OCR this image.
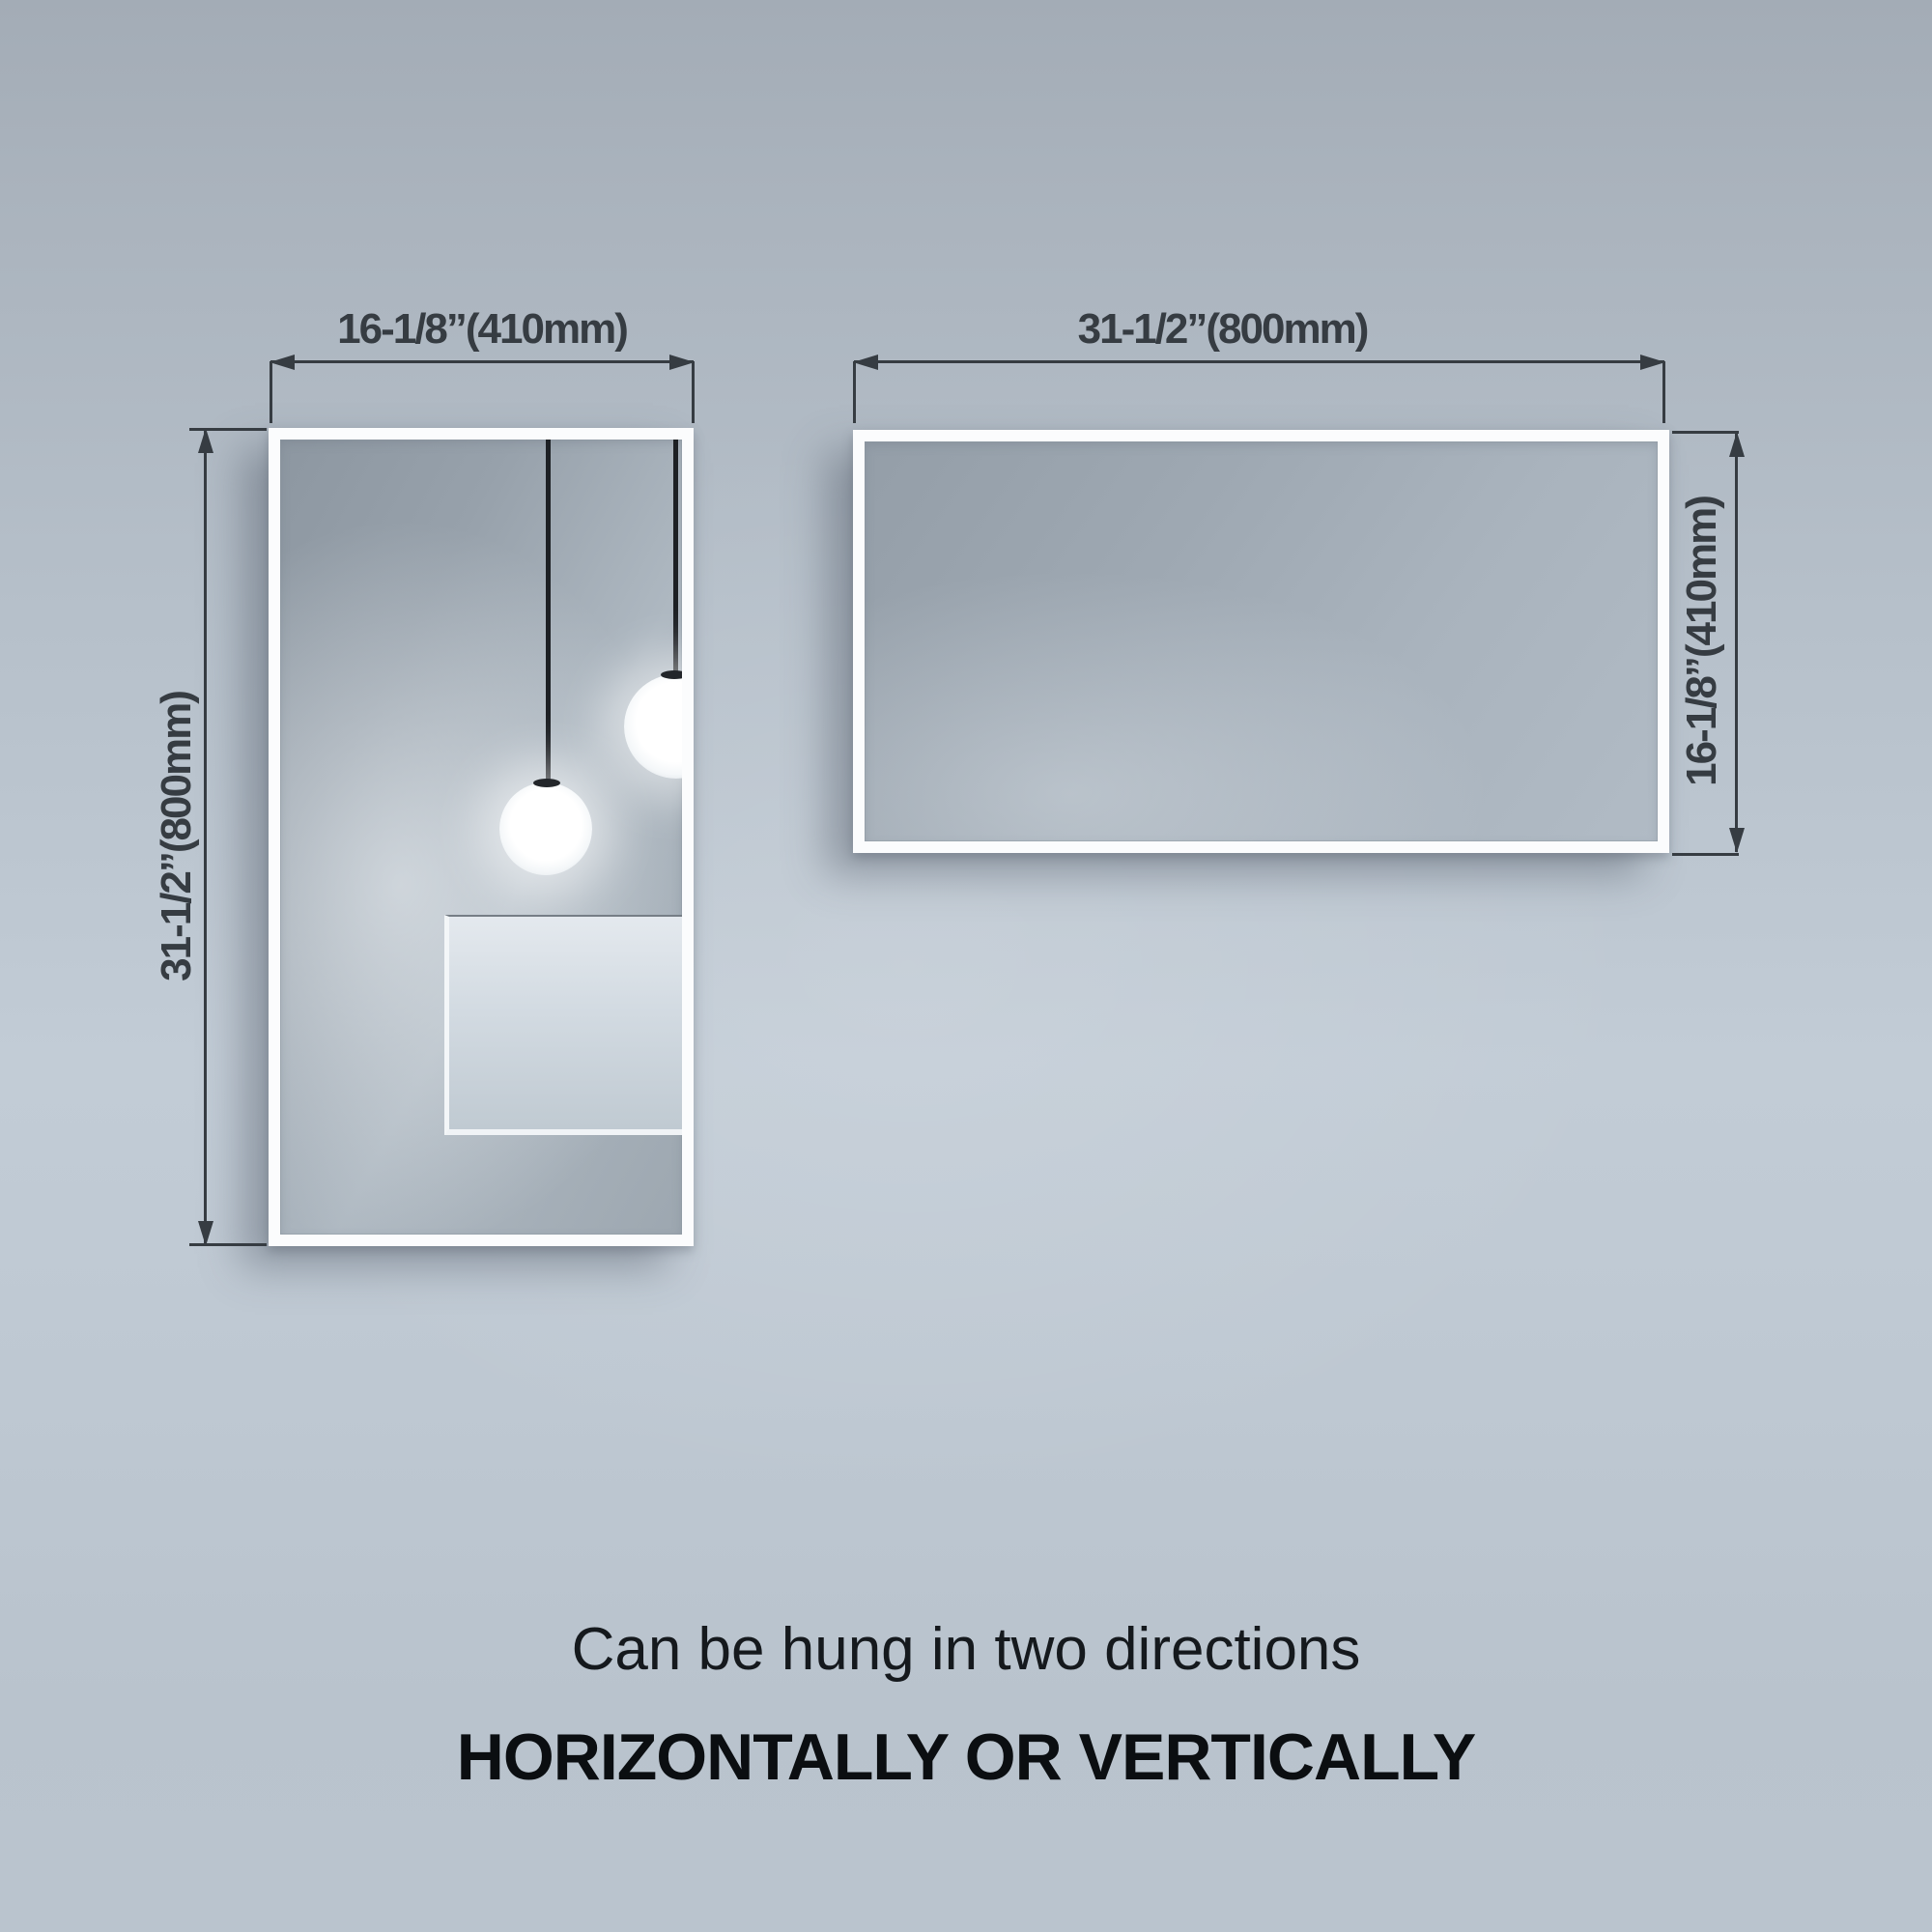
16-1/8”(410mm)
31-1/2”(800mm)
31-1/2”(800mm)
16-1/8”(410mm)
Can be hung in two directions
HORIZONTALLY OR VERTICALLY
